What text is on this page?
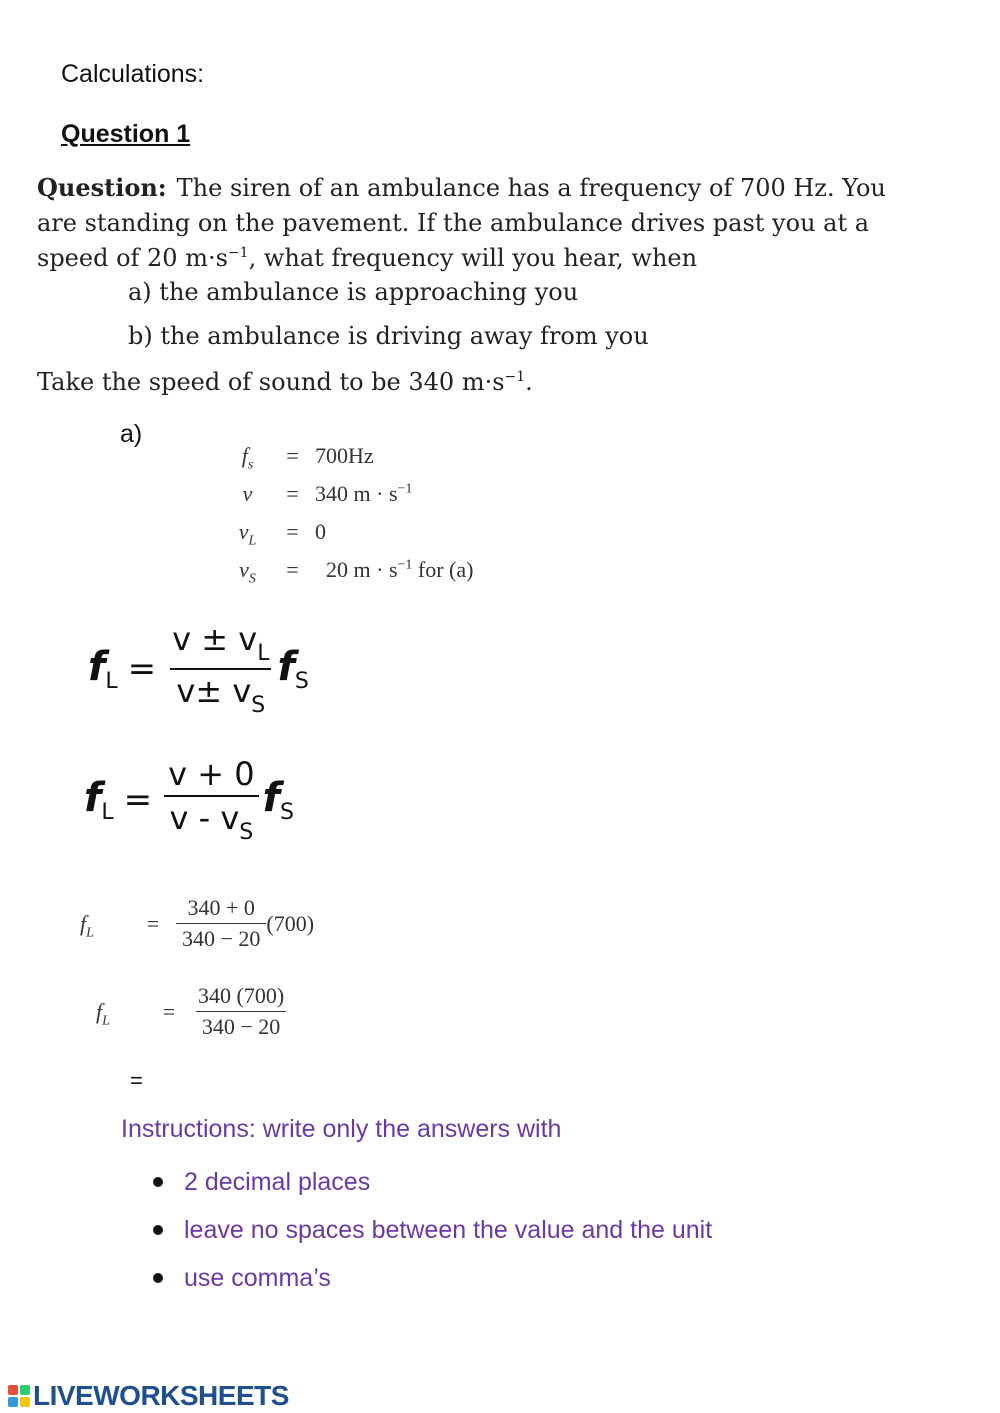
Calculations:
Question 1
Question: The siren of an ambulance has a frequency of 700 Hz. You are standing on the pavement. If the ambulance drives past you at a speed of 20 $m\cdot s^{-1}$, what frequency will you hear, when
a) the ambulance is approaching you
b) the ambulance is driving away from you
Take the speed of sound to be 340 $m\cdot s^{-1}$.
a)
$f_s$	= 700Hz
v	= 340 $m \cdot s^{-1}$
$v_L$	= 0
$v_S$	= 20 $m \cdot s^{-1}$ for (a)
$f_L = \frac{v \pm v_L}{v\pm v_S} f_S$
$f_L = \frac{v + 0}{v - v_S} f_S$
$f_L$	= $\frac{340 + 0}{340 - 20} (700)$
$f_L$	= $\frac{340 (700)}{340 - 20}$
=
Instructions: write only the answers with
2 decimal places
leave no spaces between the value and the unit
use comma’s
LIVEWORKSHEETS
